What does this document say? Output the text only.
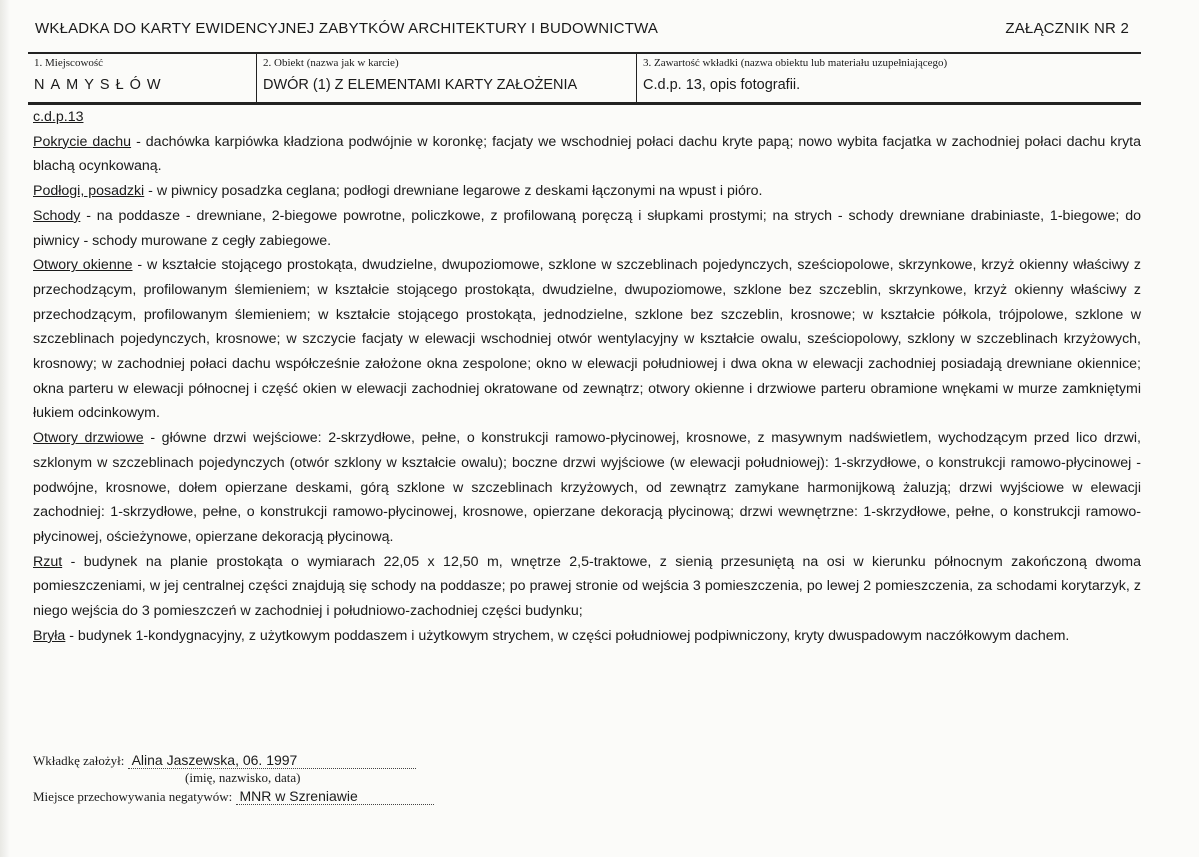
WKŁADKA DO KARTY EWIDENCYJNEJ ZABYTKÓW ARCHITEKTURY I BUDOWNICTWA	ZAŁĄCZNIK NR 2
1. Miejscowość
NAMYSŁÓW
2. Obiekt (nazwa jak w karcie)
DWÓR (1) Z ELEMENTAMI KARTY ZAŁOŻENIA
3. Zawartość wkładki (nazwa obiektu lub materiału uzupełniającego)
C.d.p. 13, opis fotografii.

c.d.p.13

Pokrycie dachu - dachówka karpiówka kładziona podwójnie w koronkę; facjaty we wschodniej połaci dachu kryte papą; nowo wybita facjatka w zachodniej połaci dachu kryta blachą ocynkowaną.

Podłogi, posadzki - w piwnicy posadzka ceglana; podłogi drewniane legarowe z deskami łączonymi na wpust i pióro.

Schody - na poddasze - drewniane, 2-biegowe powrotne, policzkowe, z profilowaną poręczą i słupkami prostymi; na strych - schody drewniane drabiniaste, 1-biegowe; do piwnicy - schody murowane z cegły zabiegowe.

Otwory okienne - w kształcie stojącego prostokąta, dwudzielne, dwupoziomowe, szklone w szczeblinach pojedynczych, sześciopolowe, skrzynkowe, krzyż okienny właściwy z przechodzącym, profilowanym ślemieniem; w kształcie stojącego prostokąta, dwudzielne, dwupoziomowe, szklone bez szczeblin, skrzynkowe, krzyż okienny właściwy z przechodzącym, profilowanym ślemieniem; w kształcie stojącego prostokąta, jednodzielne, szklone bez szczeblin, krosnowe; w kształcie półkola, trójpolowe, szklone w szczeblinach pojedynczych, krosnowe; w szczycie facjaty w elewacji wschodniej otwór wentylacyjny w kształcie owalu, sześciopolowy, szklony w szczeblinach krzyżowych, krosnowy; w zachodniej połaci dachu współcześnie założone okna zespolone; okno w elewacji południowej i dwa okna w elewacji zachodniej posiadają drewniane okiennice; okna parteru w elewacji północnej i część okien w elewacji zachodniej okratowane od zewnątrz; otwory okienne i drzwiowe parteru obramione wnękami w murze zamkniętymi łukiem odcinkowym.

Otwory drzwiowe - główne drzwi wejściowe: 2-skrzydłowe, pełne, o konstrukcji ramowo-płycinowej, krosnowe, z masywnym nadświetlem, wychodzącym przed lico drzwi, szklonym w szczeblinach pojedynczych (otwór szklony w kształcie owalu); boczne drzwi wyjściowe (w elewacji południowej): 1-skrzydłowe, o konstrukcji ramowo-płycinowej - podwójne, krosnowe, dołem opierzane deskami, górą szklone w szczeblinach krzyżowych, od zewnątrz zamykane harmonijkową żaluzją; drzwi wyjściowe w elewacji zachodniej: 1-skrzydłowe, pełne, o konstrukcji ramowo-płycinowej, krosnowe, opierzane dekoracją płycinową; drzwi wewnętrzne: 1-skrzydłowe, pełne, o konstrukcji ramowo-płycinowej, ościeżynowe, opierzane dekoracją płycinową.

Rzut - budynek na planie prostokąta o wymiarach 22,05 x 12,50 m, wnętrze 2,5-traktowe, z sienią przesuniętą na osi w kierunku północnym zakończoną dwoma pomieszczeniami, w jej centralnej części znajdują się schody na poddasze; po prawej stronie od wejścia 3 pomieszczenia, po lewej 2 pomieszczenia, za schodami korytarzyk, z niego wejścia do 3 pomieszczeń w zachodniej i południowo-zachodniej części budynku;

Bryła - budynek 1-kondygnacyjny, z użytkowym poddaszem i użytkowym strychem, w części południowej podpiwniczony, kryty dwuspadowym naczółkowym dachem.

Wkładkę założył: Alina Jaszewska, 06. 1997
(imię, nazwisko, data)
Miejsce przechowywania negatywów: MNR w Szreniawie
